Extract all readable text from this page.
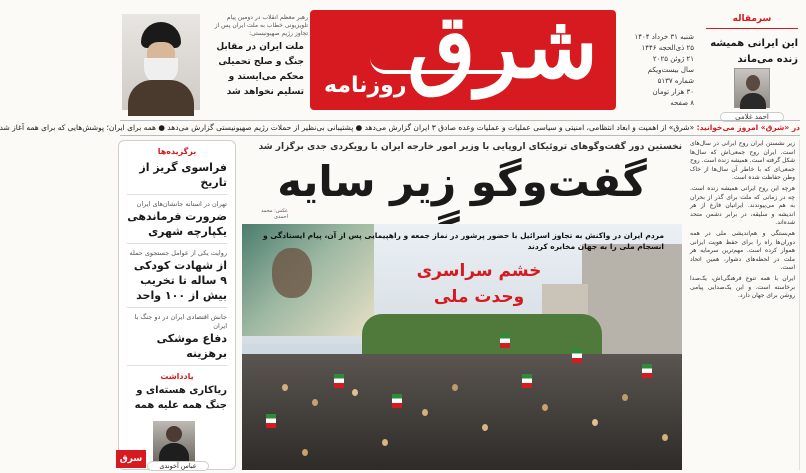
شرق
روزنامه
شنبه ۳۱ خرداد ۱۴۰۴
۲۵ ذی‌الحجه ۱۴۴۶
۲۱ ژوئن ۲۰۲۵
سال بیست‌ویکم
شماره ۵۱۳۷
۳۰ هزار تومان
۸ صفحه
سرمقاله
این ایرانی همیشه زنده می‌ماند
احمد غلامی
رهبر معظم انقلاب در دومین پیام تلویزیونی خطاب به ملت ایران پس از تجاوز رژیم صهیونیستی:
ملت ایران در مقابل جنگ و صلح تحمیلی محکم می‌ایستد و تسلیم نخواهد شد
در «شرق» امروز می‌خوانید: «شرق» از اهمیت و ابعاد انتظامی، امنیتی و سیاسی عملیات و عملیات وعده صادق ۳ ایران گزارش می‌دهد ● پشتیبانی بی‌نظیر از حملات رژیم صهیونیستی گزارش می‌دهد ● همه برای ایران؛ پوشش‌هایی که برای همه آغاز شد
برگزیده‌ها
فراسوی گریز از تاریخ
تهران در استانه جانشان‌های ایران
ضرورت فرماندهی یکپارچه شهری
روایت یکی از عوامل جستجوی حمله
از شهادت کودکی ۹ ساله تا تخریب بیش از ۱۰۰ واحد
جانش اقتصادی ایران در دو جنگ با ایران
دفاع موشکی برهزینه
یادداشت
ریاکاری هسته‌ای و جنگ همه علیه همه
عباس آخوندی

زیر نشستن ایران روح ایرانی در سال‌های است. ایران روح جمعی‌اش که سال‌ها شکل گرفته است. همیشه زنده است. روح جمعی‌ای که با خاطر آن سال‌ها از خاک وطن حفاظت شده است.

هرچه این روح ایرانی همیشه زنده است. چه در زمانی که ملت برای گذر از بحران به هم می‌پیوندند. ایرانیان فارغ از هر اندیشه و سلیقه، در برابر دشمن متحد شده‌اند.

هم‌بستگی و هم‌اندیشی ملی در همه دوران‌ها راه را برای حفظ هویت ایرانی هموار کرده است. مهم‌ترین سرمایه هر ملت در لحظه‌های دشوار، همین اتحاد است.

ایران با همه تنوع فرهنگی‌اش، یک‌صدا برخاسته است. و این یک‌صدایی پیامی روشن برای جهان دارد.

نخستین دور گفت‌وگوهای تروئیکای اروپایی با وزیر امور خارجه ایران با رویکردی جدی برگزار شد
گفت‌وگو زیر سایه
عکس: محمد احمدی
مردم ایران در واکنش به تجاوز اسرائیل با حضور پرشور در نماز جمعه و راهپیمایی پس از آن، پیام ایستادگی و انسجام ملی را به جهان مخابره کردند
خشم سراسری
وحدت ملی
سرق
